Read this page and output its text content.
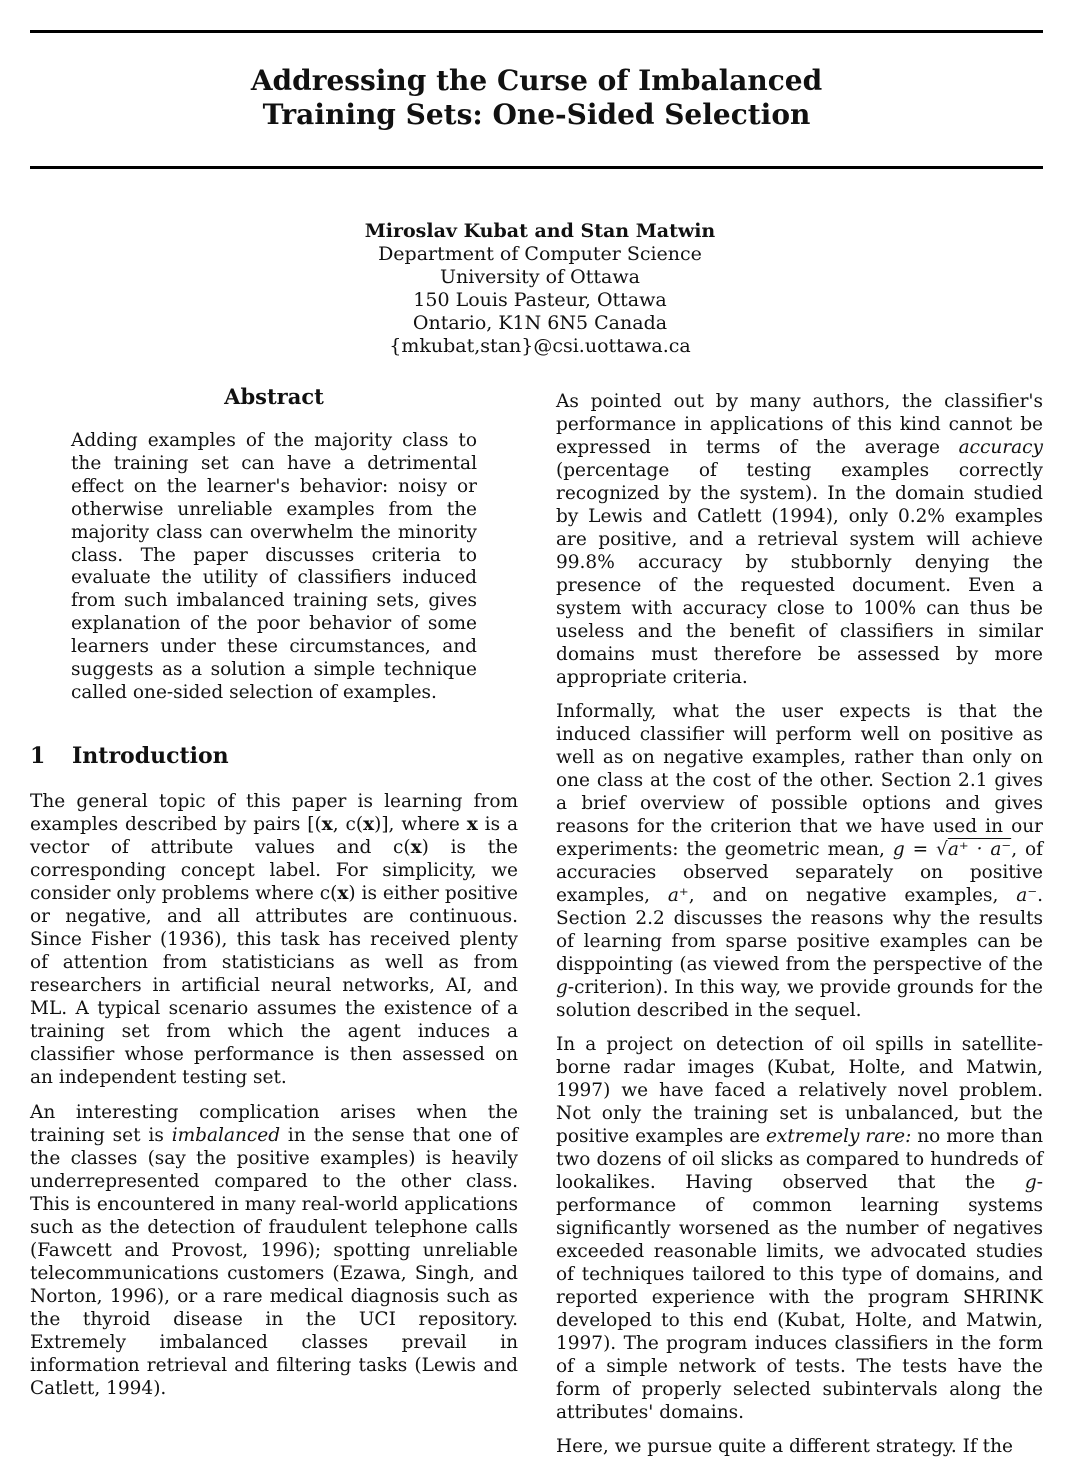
Addressing the Curse of Imbalanced
Training Sets: One-Sided Selection
Miroslav Kubat and Stan Matwin
Department of Computer Science
University of Ottawa
150 Louis Pasteur, Ottawa
Ontario, K1N 6N5 Canada
{mkubat,stan}@csi.uottawa.ca
Abstract

Adding examples of the majority class to the training set can have a detrimental effect on the learner's behavior: noisy or otherwise unreliable examples from the majority class can overwhelm the minority class. The paper discusses criteria to evaluate the utility of classifiers induced from such imbalanced training sets, gives explanation of the poor behavior of some learners under these circumstances, and suggests as a solution a simple technique called one-sided selection of examples.

1 Introduction

The general topic of this paper is learning from examples described by pairs [(x, c(x)], where x is a vector of attribute values and c(x) is the corresponding concept label. For simplicity, we consider only problems where c(x) is either positive or negative, and all attributes are continuous. Since Fisher (1936), this task has received plenty of attention from statisticians as well as from researchers in artificial neural networks, AI, and ML. A typical scenario assumes the existence of a training set from which the agent induces a classifier whose performance is then assessed on an independent testing set.

An interesting complication arises when the training set is imbalanced in the sense that one of the classes (say the positive examples) is heavily underrepresented compared to the other class. This is encountered in many real-world applications such as the detection of fraudulent telephone calls (Fawcett and Provost, 1996); spotting unreliable telecommunications customers (Ezawa, Singh, and Norton, 1996), or a rare medical diagnosis such as the thyroid disease in the UCI repository. Extremely imbalanced classes prevail in information retrieval and filtering tasks (Lewis and Catlett, 1994).

As pointed out by many authors, the classifier's performance in applications of this kind cannot be expressed in terms of the average accuracy (percentage of testing examples correctly recognized by the system). In the domain studied by Lewis and Catlett (1994), only 0.2% examples are positive, and a retrieval system will achieve 99.8% accuracy by stubbornly denying the presence of the requested document. Even a system with accuracy close to 100% can thus be useless and the benefit of classifiers in similar domains must therefore be assessed by more appropriate criteria.

Informally, what the user expects is that the induced classifier will perform well on positive as well as on negative examples, rather than only on one class at the cost of the other. Section 2.1 gives a brief overview of possible options and gives reasons for the criterion that we have used in our experiments: the geometric mean, g = √a⁺ · a⁻, of accuracies observed separately on positive examples, a⁺, and on negative examples, a⁻. Section 2.2 discusses the reasons why the results of learning from sparse positive examples can be disppointing (as viewed from the perspective of the g-criterion). In this way, we provide grounds for the solution described in the sequel.

In a project on detection of oil spills in satellite-borne radar images (Kubat, Holte, and Matwin, 1997) we have faced a relatively novel problem. Not only the training set is unbalanced, but the positive examples are extremely rare: no more than two dozens of oil slicks as compared to hundreds of lookalikes. Having observed that the g-performance of common learning systems significantly worsened as the number of negatives exceeded reasonable limits, we advocated studies of techniques tailored to this type of domains, and reported experience with the program SHRINK developed to this end (Kubat, Holte, and Matwin, 1997). The program induces classifiers in the form of a simple network of tests. The tests have the form of properly selected subintervals along the attributes' domains.

Here, we pursue quite a different strategy. If the
